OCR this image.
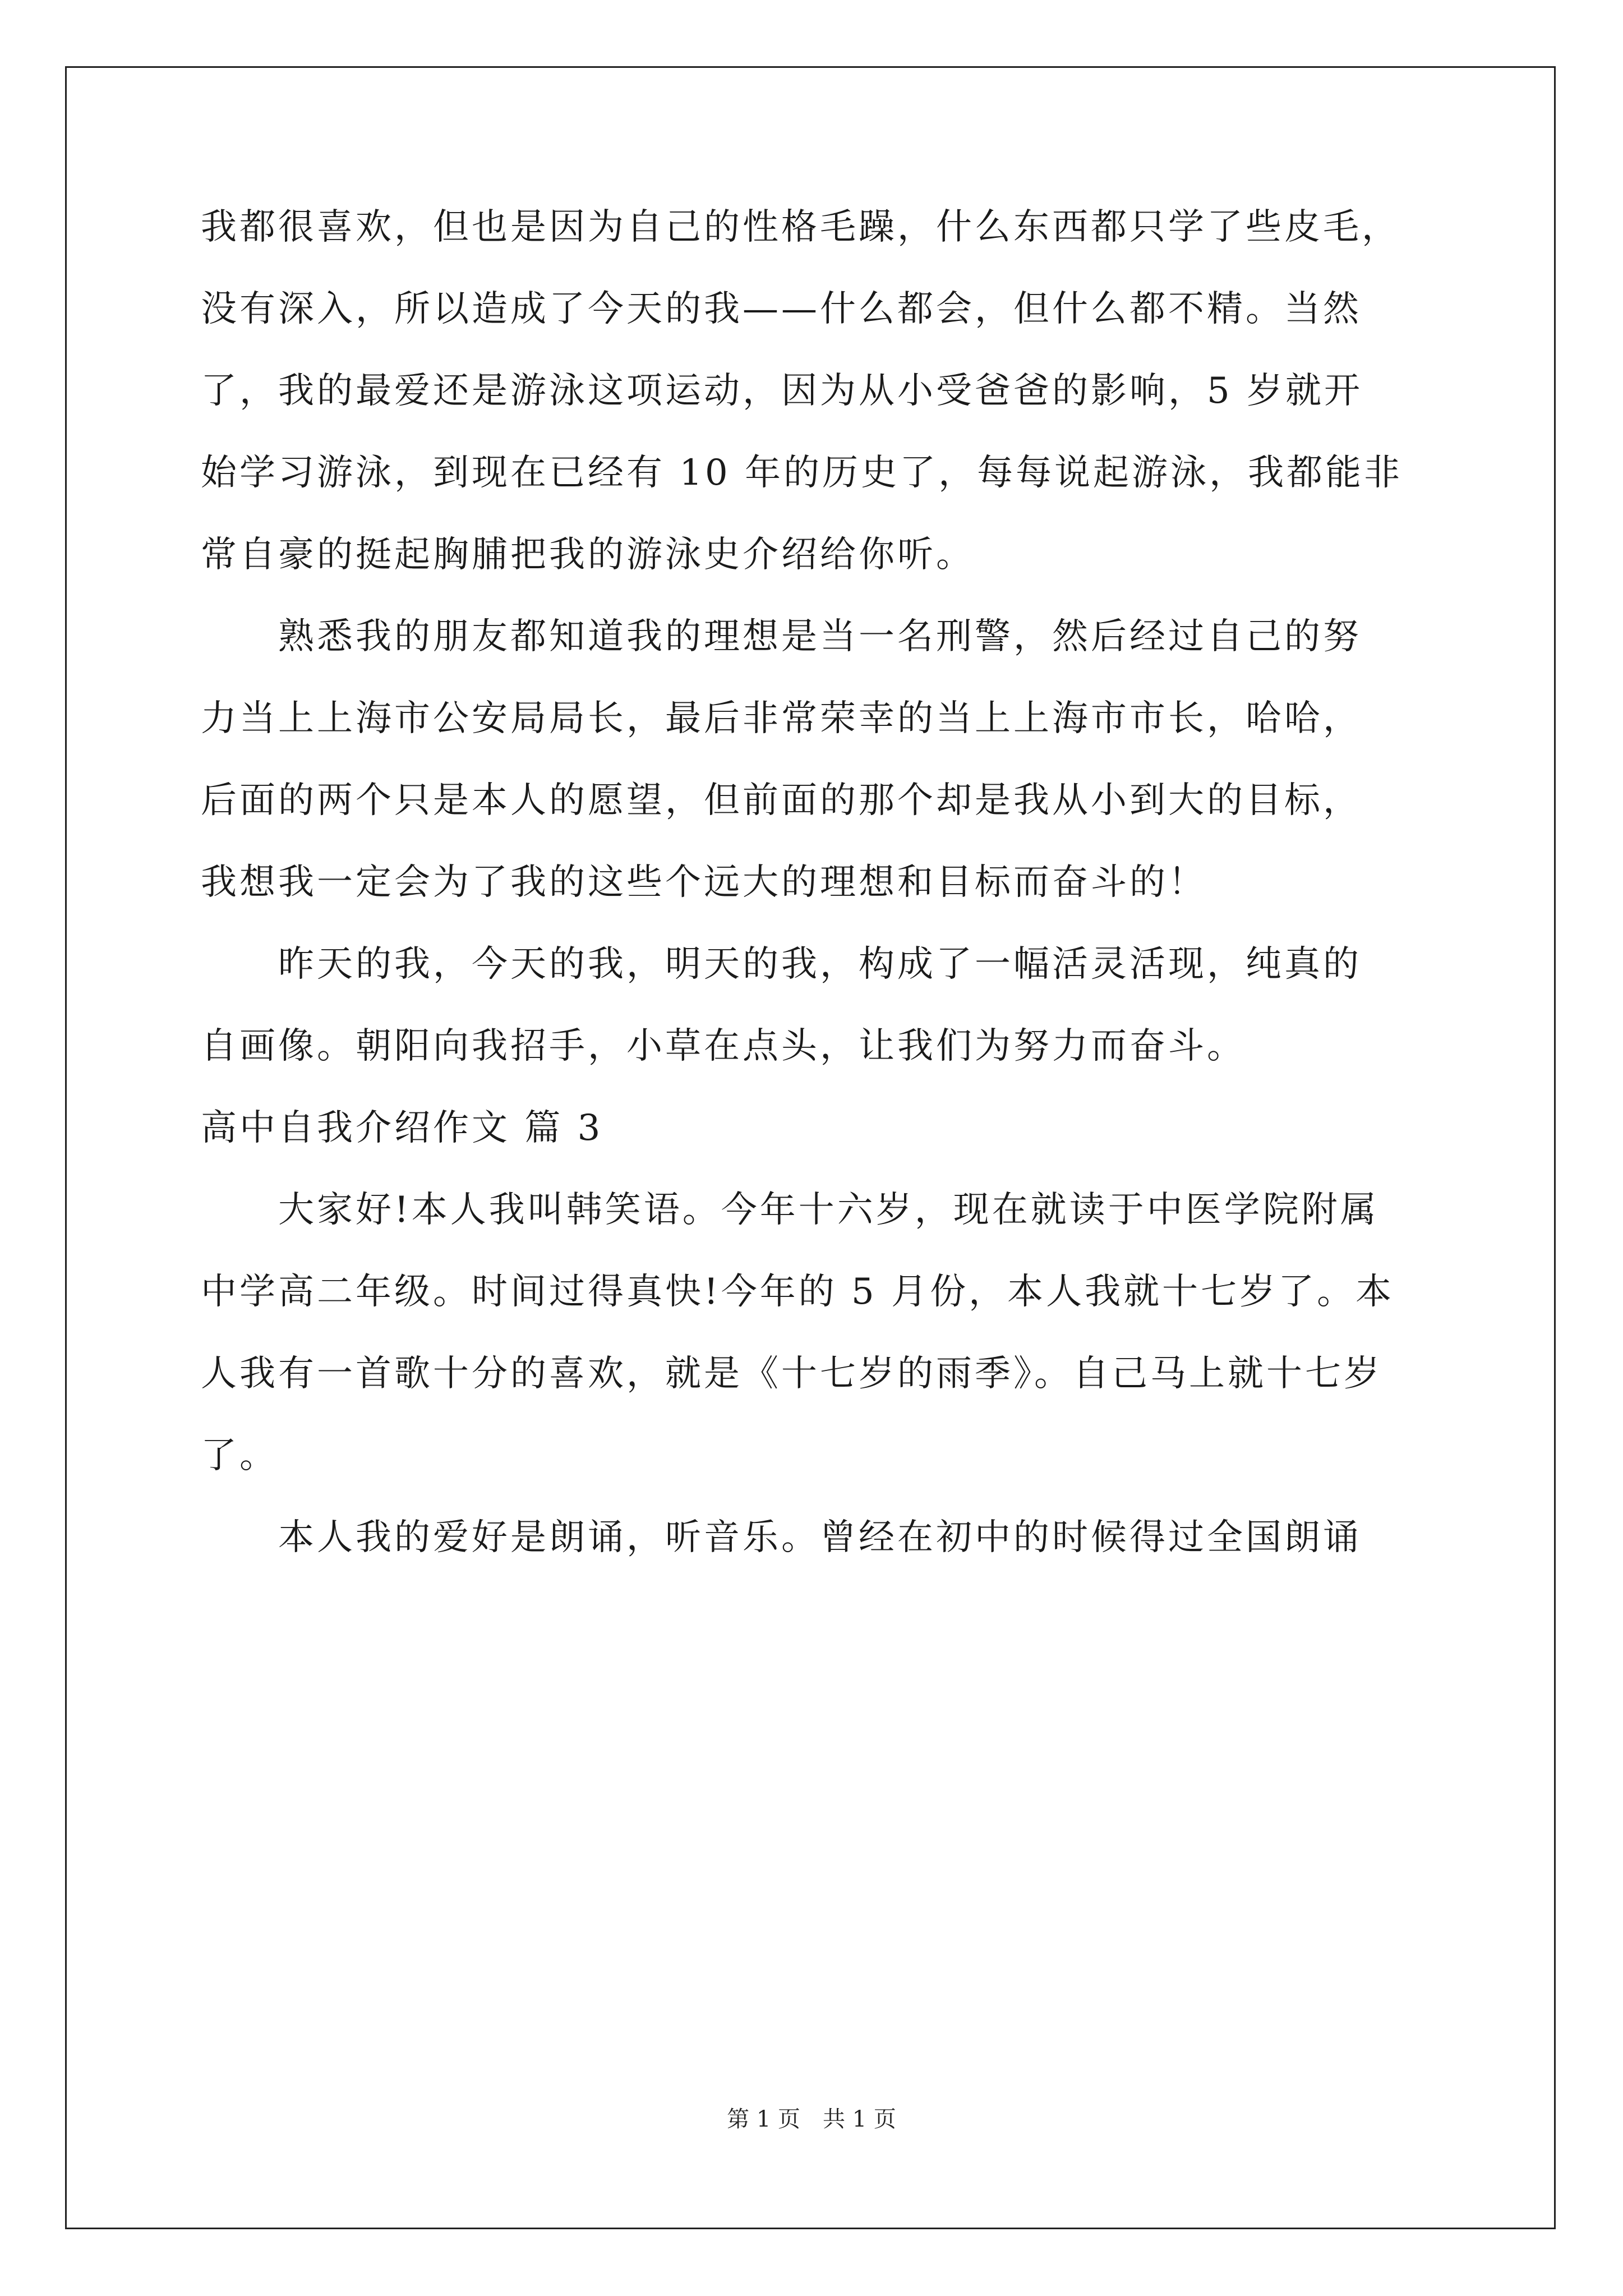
我都很喜欢，但也是因为自己的性格毛躁，什么东西都只学了些皮毛，
没有深入，所以造成了今天的我——什么都会，但什么都不精。当然
了，我的最爱还是游泳这项运动，因为从小受爸爸的影响，5 岁就开
始学习游泳，到现在已经有 10 年的历史了，每每说起游泳，我都能非
常自豪的挺起胸脯把我的游泳史介绍给你听。
　　熟悉我的朋友都知道我的理想是当一名刑警，然后经过自己的努
力当上上海市公安局局长，最后非常荣幸的当上上海市市长，哈哈，
后面的两个只是本人的愿望，但前面的那个却是我从小到大的目标，
我想我一定会为了我的这些个远大的理想和目标而奋斗的！
　　昨天的我，今天的我，明天的我，构成了一幅活灵活现，纯真的
自画像。朝阳向我招手，小草在点头，让我们为努力而奋斗。
高中自我介绍作文 篇 3
　　大家好!本人我叫韩笑语。今年十六岁，现在就读于中医学院附属
中学高二年级。时间过得真快!今年的 5 月份，本人我就十七岁了。本
人我有一首歌十分的喜欢，就是《十七岁的雨季》。自己马上就十七岁
了。
　　本人我的爱好是朗诵，听音乐。曾经在初中的时候得过全国朗诵
第 1 页　共 1 页
